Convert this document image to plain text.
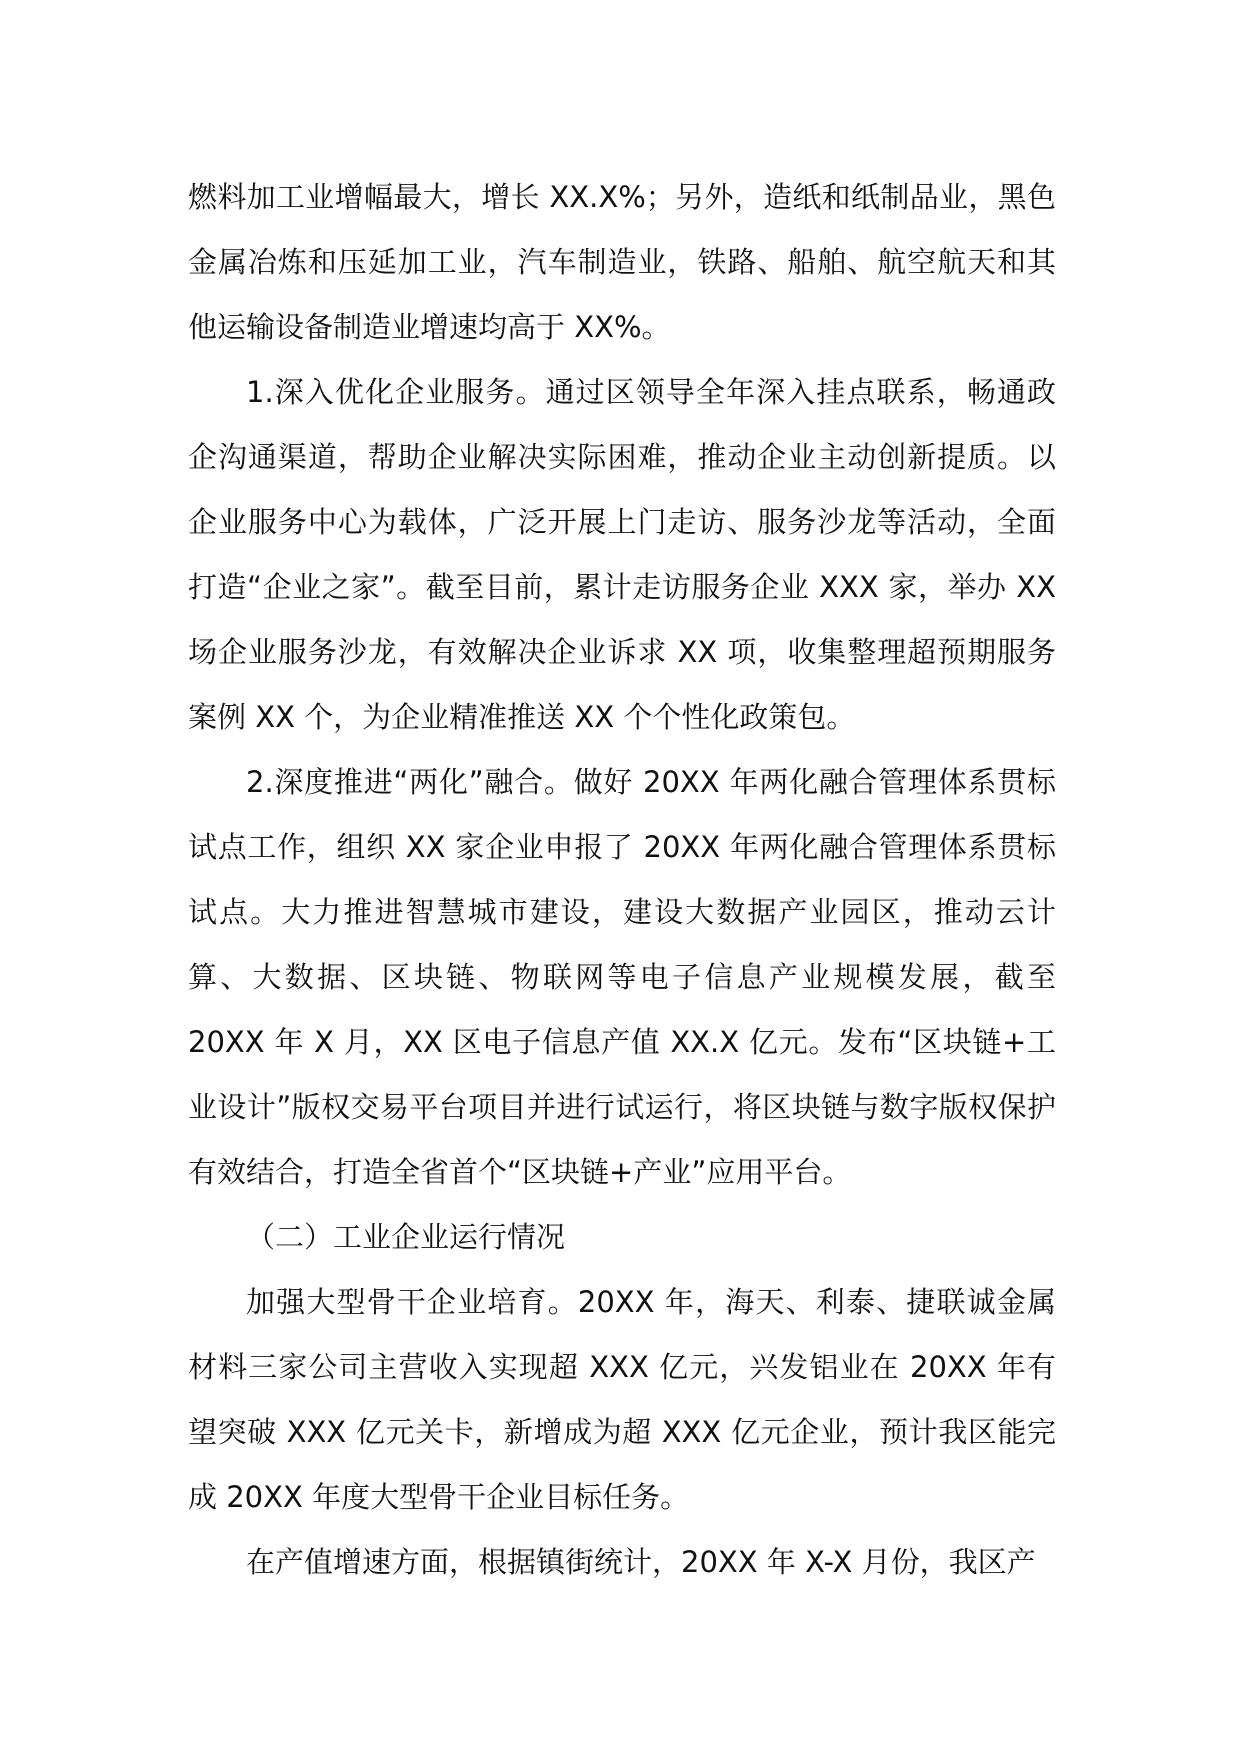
燃料加工业增幅最大，增长 XX.X%；另外，造纸和纸制品业，黑色金属冶炼和压延加工业，汽车制造业，铁路、船舶、航空航天和其他运输设备制造业增速均高于 XX%。

1.深入优化企业服务。通过区领导全年深入挂点联系，畅通政企沟通渠道，帮助企业解决实际困难，推动企业主动创新提质。以企业服务中心为载体，广泛开展上门走访、服务沙龙等活动，全面打造“企业之家”。截至目前，累计走访服务企业 XXX 家，举办 XX 场企业服务沙龙，有效解决企业诉求 XX 项，收集整理超预期服务案例 XX 个，为企业精准推送 XX 个个性化政策包。

2.深度推进“两化”融合。做好 20XX 年两化融合管理体系贯标试点工作，组织 XX 家企业申报了 20XX 年两化融合管理体系贯标试点。大力推进智慧城市建设，建设大数据产业园区，推动云计算、大数据、区块链、物联网等电子信息产业规模发展，截至 20XX 年 X 月，XX 区电子信息产值 XX.X 亿元。发布“区块链+工业设计”版权交易平台项目并进行试运行，将区块链与数字版权保护有效结合，打造全省首个“区块链+产业”应用平台。

（二）工业企业运行情况

加强大型骨干企业培育。20XX 年，海天、利泰、捷联诚金属材料三家公司主营收入实现超 XXX 亿元，兴发铝业在 20XX 年有望突破 XXX 亿元关卡，新增成为超 XXX 亿元企业，预计我区能完成 20XX 年度大型骨干企业目标任务。

在产值增速方面，根据镇街统计，20XX 年 X-X 月份，我区产
